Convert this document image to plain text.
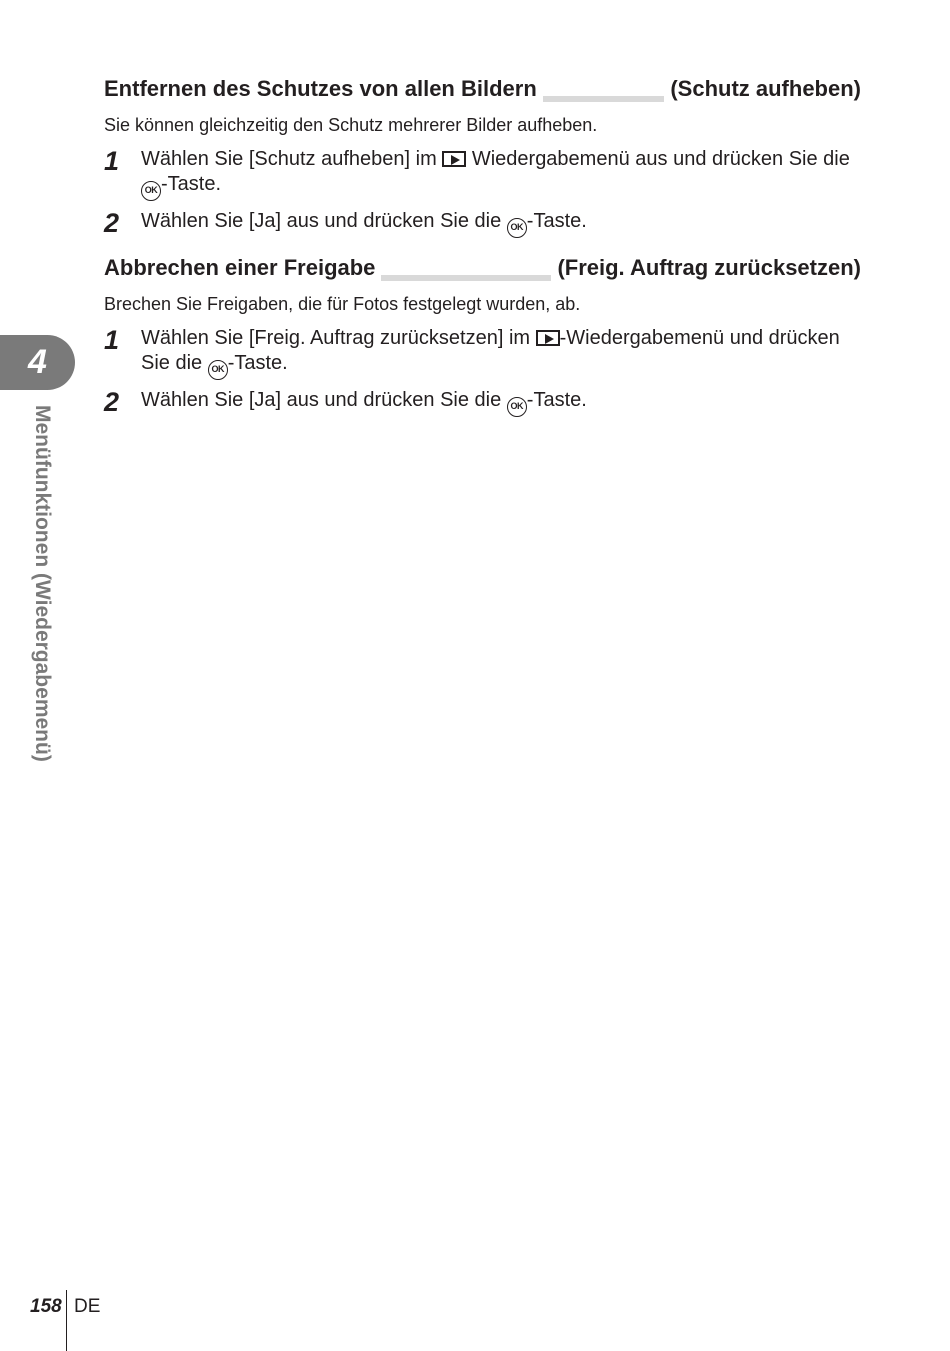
Entfernen des Schutzes von allen Bildern	(Schutz aufheben)
Sie können gleichzeitig den Schutz mehrerer Bilder aufheben.
1 Wählen Sie [Schutz aufheben] im  Wiedergabemenü aus und drücken Sie die OK -Taste.
2 Wählen Sie [Ja] aus und drücken Sie die OK -Taste.
Abbrechen einer Freigabe	(Freig. Auftrag zurücksetzen)
Brechen Sie Freigaben, die für Fotos festgelegt wurden, ab.
1 Wählen Sie [Freig. Auftrag zurücksetzen] im -Wiedergabemenü und drücken Sie die OK -Taste.
2 Wählen Sie [Ja] aus und drücken Sie die OK -Taste.
4
Menüfunktionen (Wiedergabemenü)
158 DE
